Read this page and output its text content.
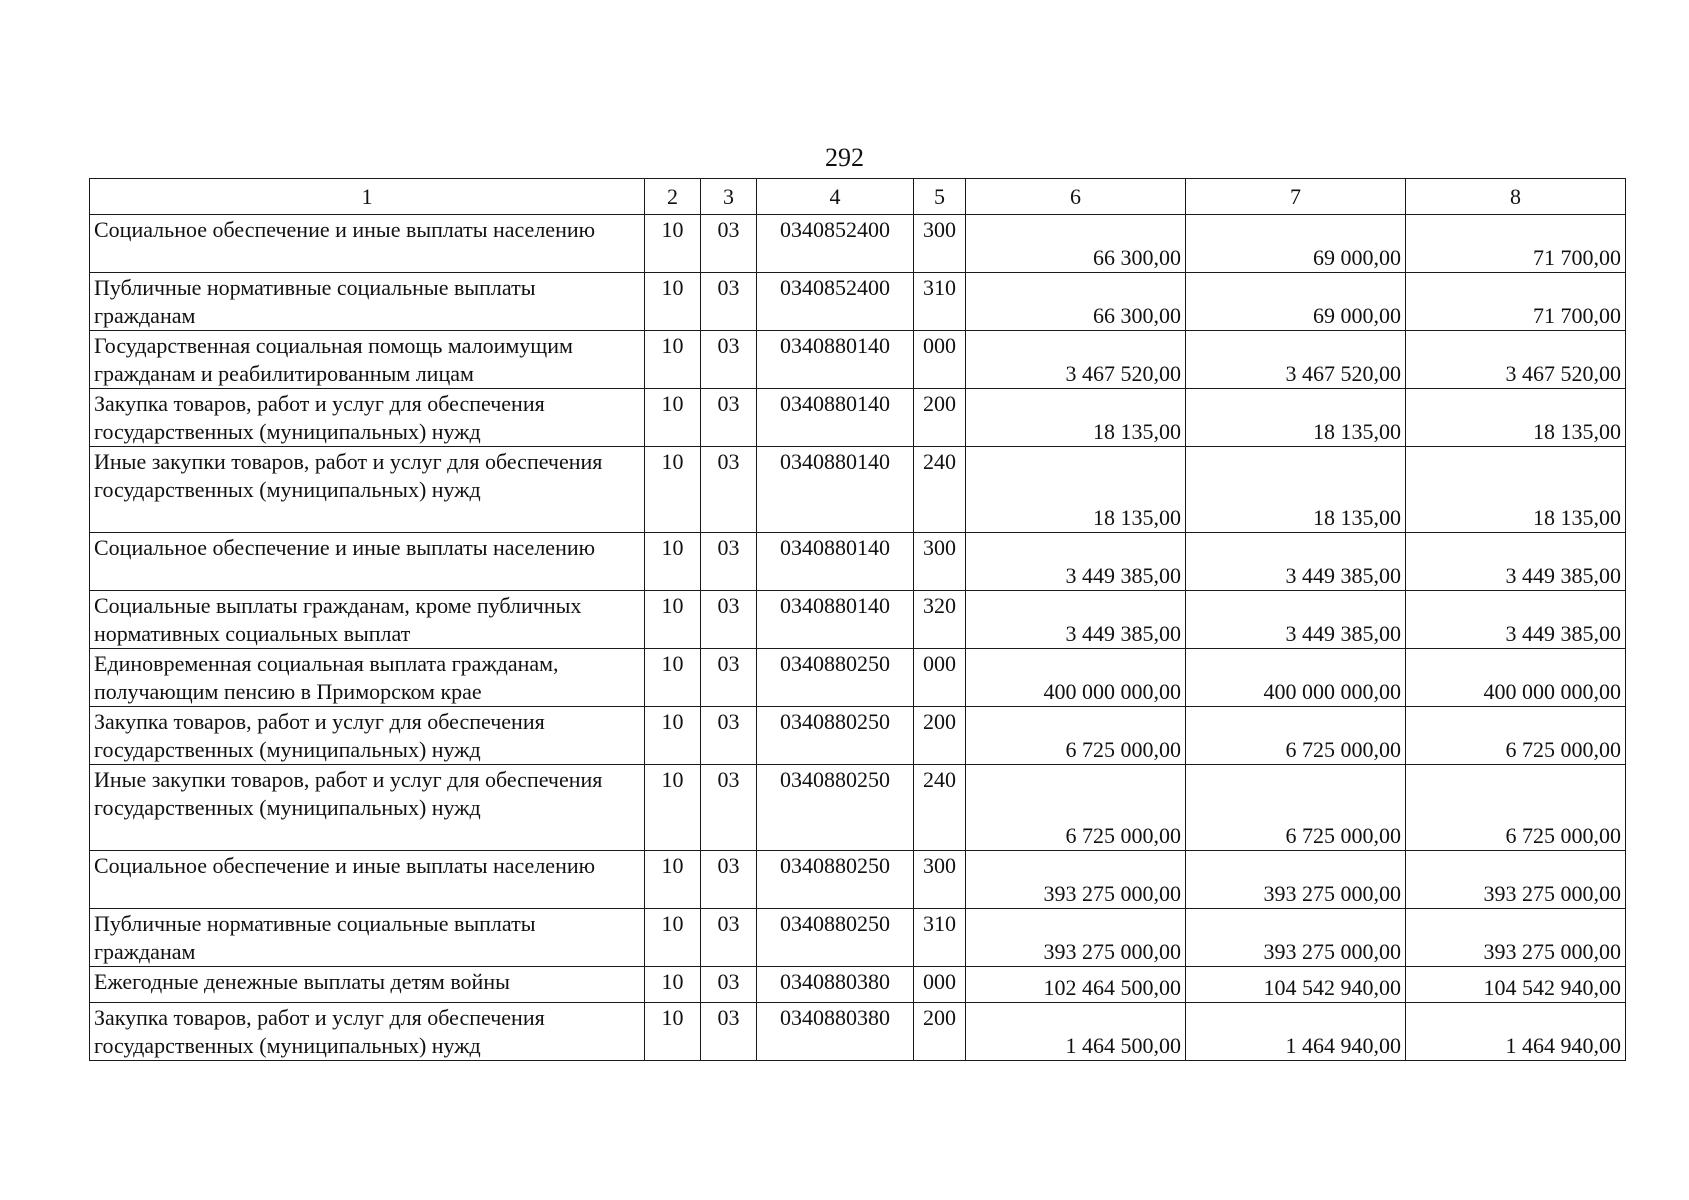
292
1	2	3	4	5	6	7	8
Социальное обеспечение и иные выплаты населению	10	03	0340852400	300	66 300,00	69 000,00	71 700,00
Публичные нормативные социальные выплаты гражданам	10	03	0340852400	310	66 300,00	69 000,00	71 700,00
Государственная социальная помощь малоимущим гражданам и реабилитированным лицам	10	03	0340880140	000	3 467 520,00	3 467 520,00	3 467 520,00
Закупка товаров, работ и услуг для обеспечения государственных (муниципальных) нужд	10	03	0340880140	200	18 135,00	18 135,00	18 135,00
Иные закупки товаров, работ и услуг для обеспечения государственных (муниципальных) нужд	10	03	0340880140	240	18 135,00	18 135,00	18 135,00
Социальное обеспечение и иные выплаты населению	10	03	0340880140	300	3 449 385,00	3 449 385,00	3 449 385,00
Социальные выплаты гражданам, кроме публичных нормативных социальных выплат	10	03	0340880140	320	3 449 385,00	3 449 385,00	3 449 385,00
Единовременная социальная выплата гражданам, получающим пенсию в Приморском крае	10	03	0340880250	000	400 000 000,00	400 000 000,00	400 000 000,00
Закупка товаров, работ и услуг для обеспечения государственных (муниципальных) нужд	10	03	0340880250	200	6 725 000,00	6 725 000,00	6 725 000,00
Иные закупки товаров, работ и услуг для обеспечения государственных (муниципальных) нужд	10	03	0340880250	240	6 725 000,00	6 725 000,00	6 725 000,00
Социальное обеспечение и иные выплаты населению	10	03	0340880250	300	393 275 000,00	393 275 000,00	393 275 000,00
Публичные нормативные социальные выплаты гражданам	10	03	0340880250	310	393 275 000,00	393 275 000,00	393 275 000,00
Ежегодные денежные выплаты детям войны	10	03	0340880380	000	102 464 500,00	104 542 940,00	104 542 940,00
Закупка товаров, работ и услуг для обеспечения государственных (муниципальных) нужд	10	03	0340880380	200	1 464 500,00	1 464 940,00	1 464 940,00
